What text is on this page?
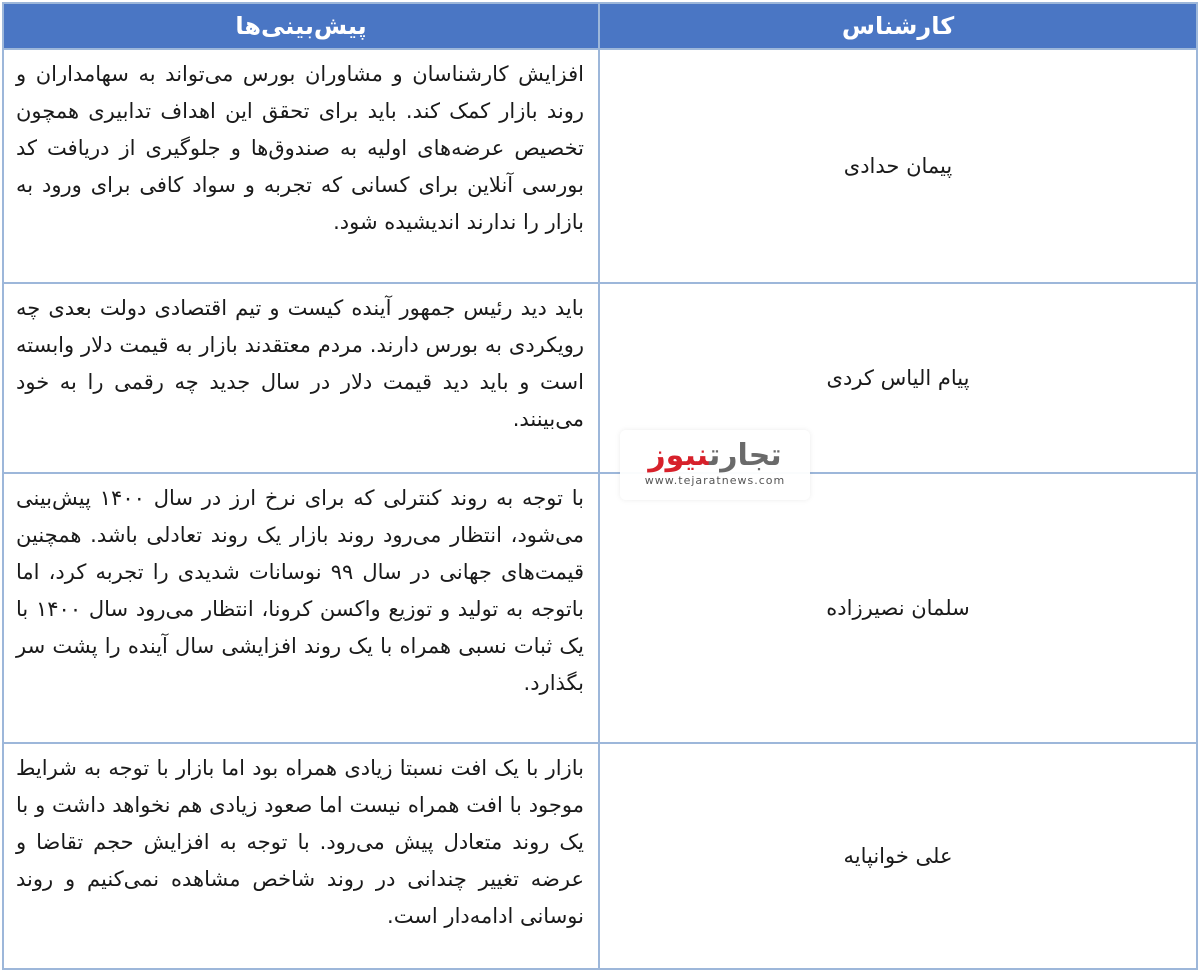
کارشناس	پیش‌بینی‌ها
پیمان حدادی	افزایش کارشناسان و مشاوران بورس می‌تواند به سهامداران و روند بازار کمک کند. باید برای تحقق این اهداف تدابیری همچون تخصیص عرضه‌های اولیه به صندوق‌ها و جلوگیری از دریافت کد بورسی آنلاین برای کسانی که تجربه و سواد کافی برای ورود به بازار را ندارند اندیشیده شود.
پیام الیاس کردی	باید دید رئیس جمهور آینده کیست و تیم اقتصادی دولت بعدی چه رویکردی به بورس دارند. مردم معتقدند بازار به قیمت دلار وابسته است و باید دید قیمت دلار در سال جدید چه رقمی را به خود می‌بینند.
سلمان نصیرزاده	با توجه به روند کنترلی که برای نرخ ارز در سال ۱۴۰۰ پیش‌بینی می‌شود، انتظار می‌رود روند بازار یک روند تعادلی باشد. همچنین قیمت‌های جهانی در سال ۹۹ نوسانات شدیدی را تجربه کرد، اما باتوجه به تولید و توزیع واکسن کرونا، انتظار می‌رود سال ۱۴۰۰ با یک ثبات نسبی همراه با یک روند افزایشی سال آینده را پشت سر بگذارد.
علی خوانپایه	بازار با یک افت نسبتا زیادی همراه بود اما بازار با توجه به شرایط موجود با افت همراه نیست اما صعود زیادی هم نخواهد داشت و با یک روند متعادل پیش می‌رود. با توجه به افزایش حجم تقاضا و عرضه تغییر چندانی در روند شاخص مشاهده نمی‌کنیم و روند نوسانی ادامه‌دار است.
تجارتنیوز
www.tejaratnews.com
